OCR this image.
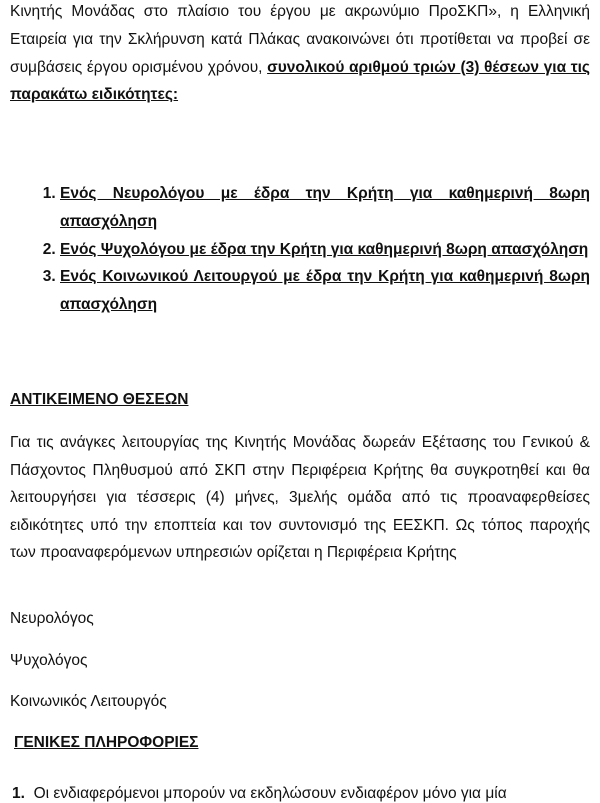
Κινητής Μονάδας στο πλαίσιο του έργου με ακρωνύμιο ΠροΣΚΠ», η Ελληνική Εταιρεία για την Σκλήρυνση κατά Πλάκας ανακοινώνει ότι προτίθεται να προβεί σε συμβάσεις έργου ορισμένου χρόνου, συνολικού αριθμού τριών (3) θέσεων για τις παρακάτω ειδικότητες:
1. Ενός Νευρολόγου με έδρα την Κρήτη για καθημερινή 8ωρη απασχόληση
2. Ενός Ψυχολόγου με έδρα την Κρήτη για καθημερινή 8ωρη απασχόληση
3. Ενός Κοινωνικού Λειτουργού με έδρα την Κρήτη για καθημερινή 8ωρη απασχόληση
ΑΝΤΙΚΕΙΜΕΝΟ ΘΕΣΕΩΝ
Για τις ανάγκες λειτουργίας της Κινητής Μονάδας δωρεάν Εξέτασης του Γενικού & Πάσχοντος Πληθυσμού από ΣΚΠ στην Περιφέρεια Κρήτης θα συγκροτηθεί και θα λειτουργήσει για τέσσερις (4) μήνες, 3μελής ομάδα από τις προαναφερθείσες ειδικότητες υπό την εποπτεία και τον συντονισμό της ΕΕΣΚΠ. Ως τόπος παροχής των προαναφερόμενων υπηρεσιών ορίζεται η Περιφέρεια Κρήτης
Νευρολόγος
Ψυχολόγος
Κοινωνικός Λειτουργός
ΓΕΝΙΚΕΣ ΠΛΗΡΟΦΟΡΙΕΣ
1. Οι ενδιαφερόμενοι μπορούν να εκδηλώσουν ενδιαφέρον μόνο για μία
